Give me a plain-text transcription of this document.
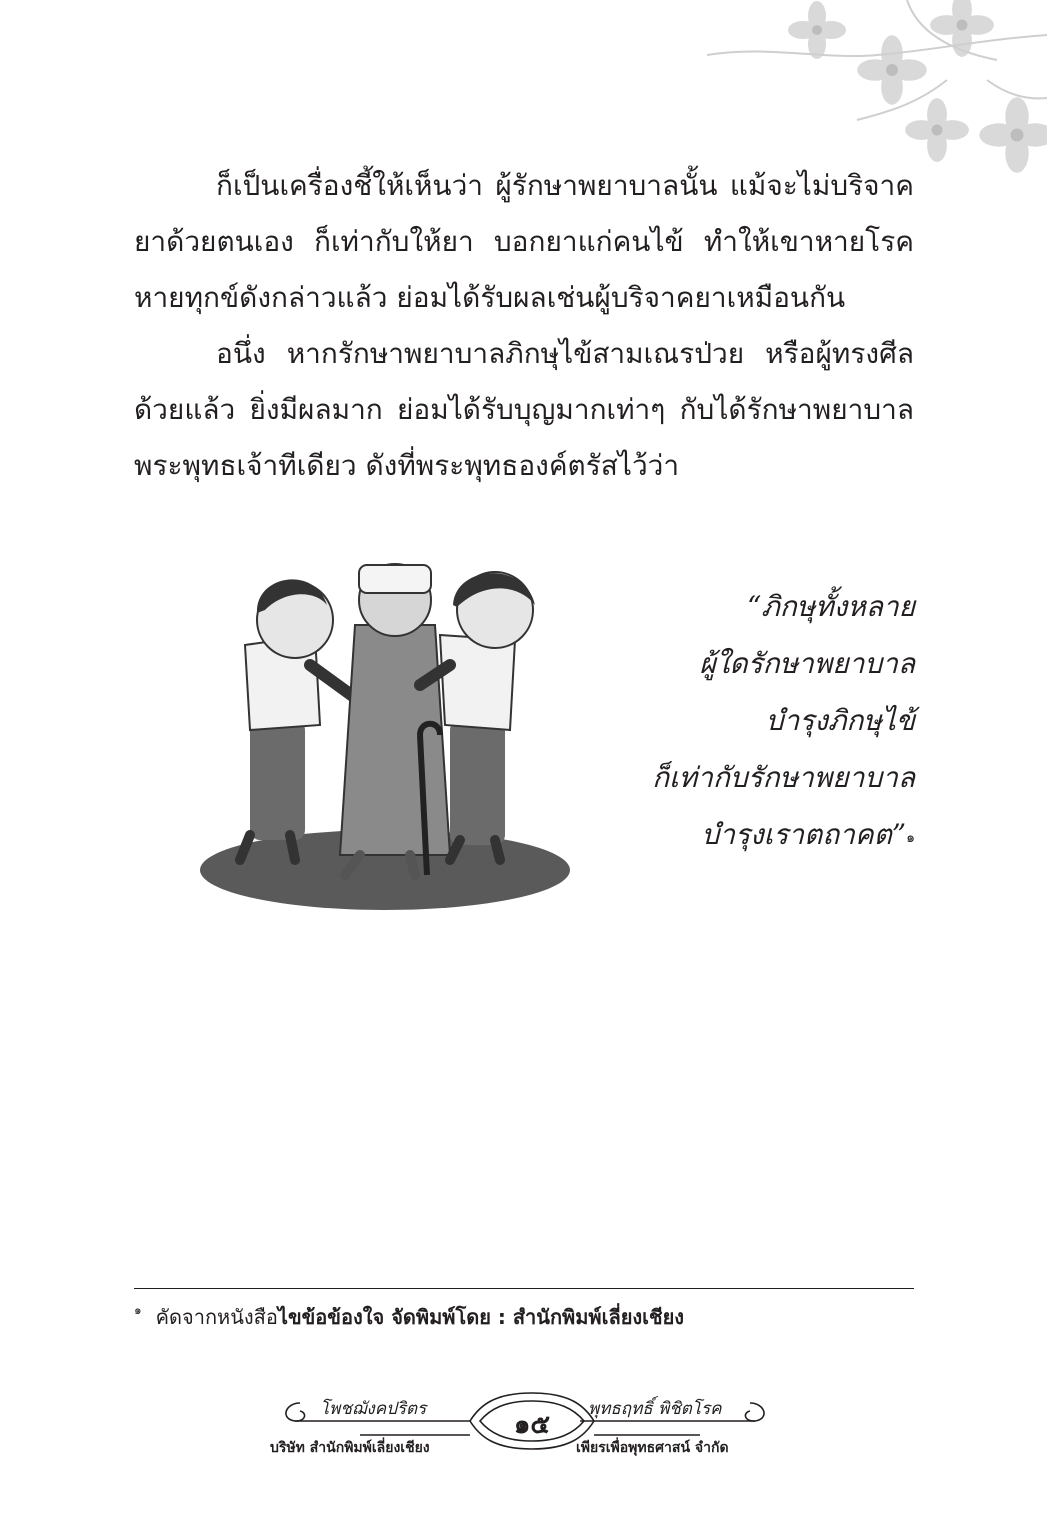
ก็เป็นเครื่องชี้ให้เห็นว่า ผู้รักษาพยาบาลนั้น แม้จะไม่บริจาค

ยาด้วยตนเอง ก็เท่ากับให้ยา บอกยาแก่คนไข้ ทำให้เขาหายโรค

หายทุกข์ดังกล่าวแล้ว ย่อมได้รับผลเช่นผู้บริจาคยาเหมือนกัน

อนึ่ง หากรักษาพยาบาลภิกษุไข้สามเณรป่วย หรือผู้ทรงศีล

ด้วยแล้ว ยิ่งมีผลมาก ย่อมได้รับบุญมากเท่าๆ กับได้รักษาพยาบาล

พระพุทธเจ้าทีเดียว ดังที่พระพุทธองค์ตรัสไว้ว่า

“ภิกษุทั้งหลาย
ผู้ใดรักษาพยาบาล
บำรุงภิกษุไข้
ก็เท่ากับรักษาพยาบาล
บำรุงเราตถาคต”$^๑$
$^๑$ คัดจากหนังสือไขข้อข้องใจ จัดพิมพ์โดย : สำนักพิมพ์เลี่ยงเชียง
โพชฌังคปริตร	พุทธฤทธิ์ พิชิตโรค
๑๕
บริษัท สำนักพิมพ์เลี่ยงเชียง	เพียรเพื่อพุทธศาสน์ จำกัด
